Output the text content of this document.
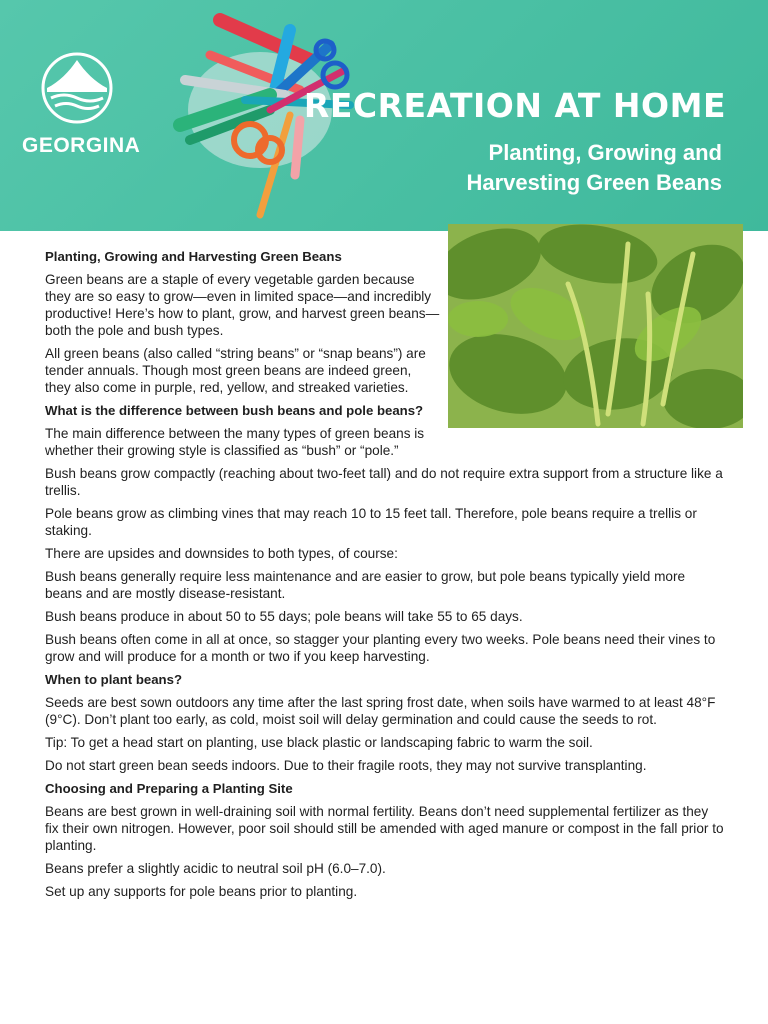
GEORGINA
RECREATION AT HOME
Planting, Growing and
Harvesting Green Beans
Planting, Growing and Harvesting Green Beans

Green beans are a staple of every vegetable garden because they are so easy to grow—even in limited space—and incredibly productive! Here’s how to plant, grow, and harvest green beans—both the pole and bush types.

All green beans (also called “string beans” or “snap beans”) are tender annuals. Though most green beans are indeed green, they also come in purple, red, yellow, and streaked varieties.

What is the difference between bush beans and pole beans?

The main difference between the many types of green beans is whether their growing style is classified as “bush” or “pole.”

Bush beans grow compactly (reaching about two-feet tall) and do not require extra support from a structure like a trellis.

Pole beans grow as climbing vines that may reach 10 to 15 feet tall. Therefore, pole beans require a trellis or staking.

There are upsides and downsides to both types, of course:

Bush beans generally require less maintenance and are easier to grow, but pole beans typically yield more beans and are mostly disease-resistant.

Bush beans produce in about 50 to 55 days; pole beans will take 55 to 65 days.

Bush beans often come in all at once, so stagger your planting every two weeks. Pole beans need their vines to grow and will produce for a month or two if you keep harvesting.

When to plant beans?

Seeds are best sown outdoors any time after the last spring frost date, when soils have warmed to at least 48°F (9°C). Don’t plant too early, as cold, moist soil will delay germination and could cause the seeds to rot.

Tip: To get a head start on planting, use black plastic or landscaping fabric to warm the soil.

Do not start green bean seeds indoors. Due to their fragile roots, they may not survive transplanting.

Choosing and Preparing a Planting Site

Beans are best grown in well-draining soil with normal fertility. Beans don’t need supplemental fertilizer as they fix their own nitrogen. However, poor soil should still be amended with aged manure or compost in the fall prior to planting.

Beans prefer a slightly acidic to neutral soil pH (6.0–7.0).

Set up any supports for pole beans prior to planting.
